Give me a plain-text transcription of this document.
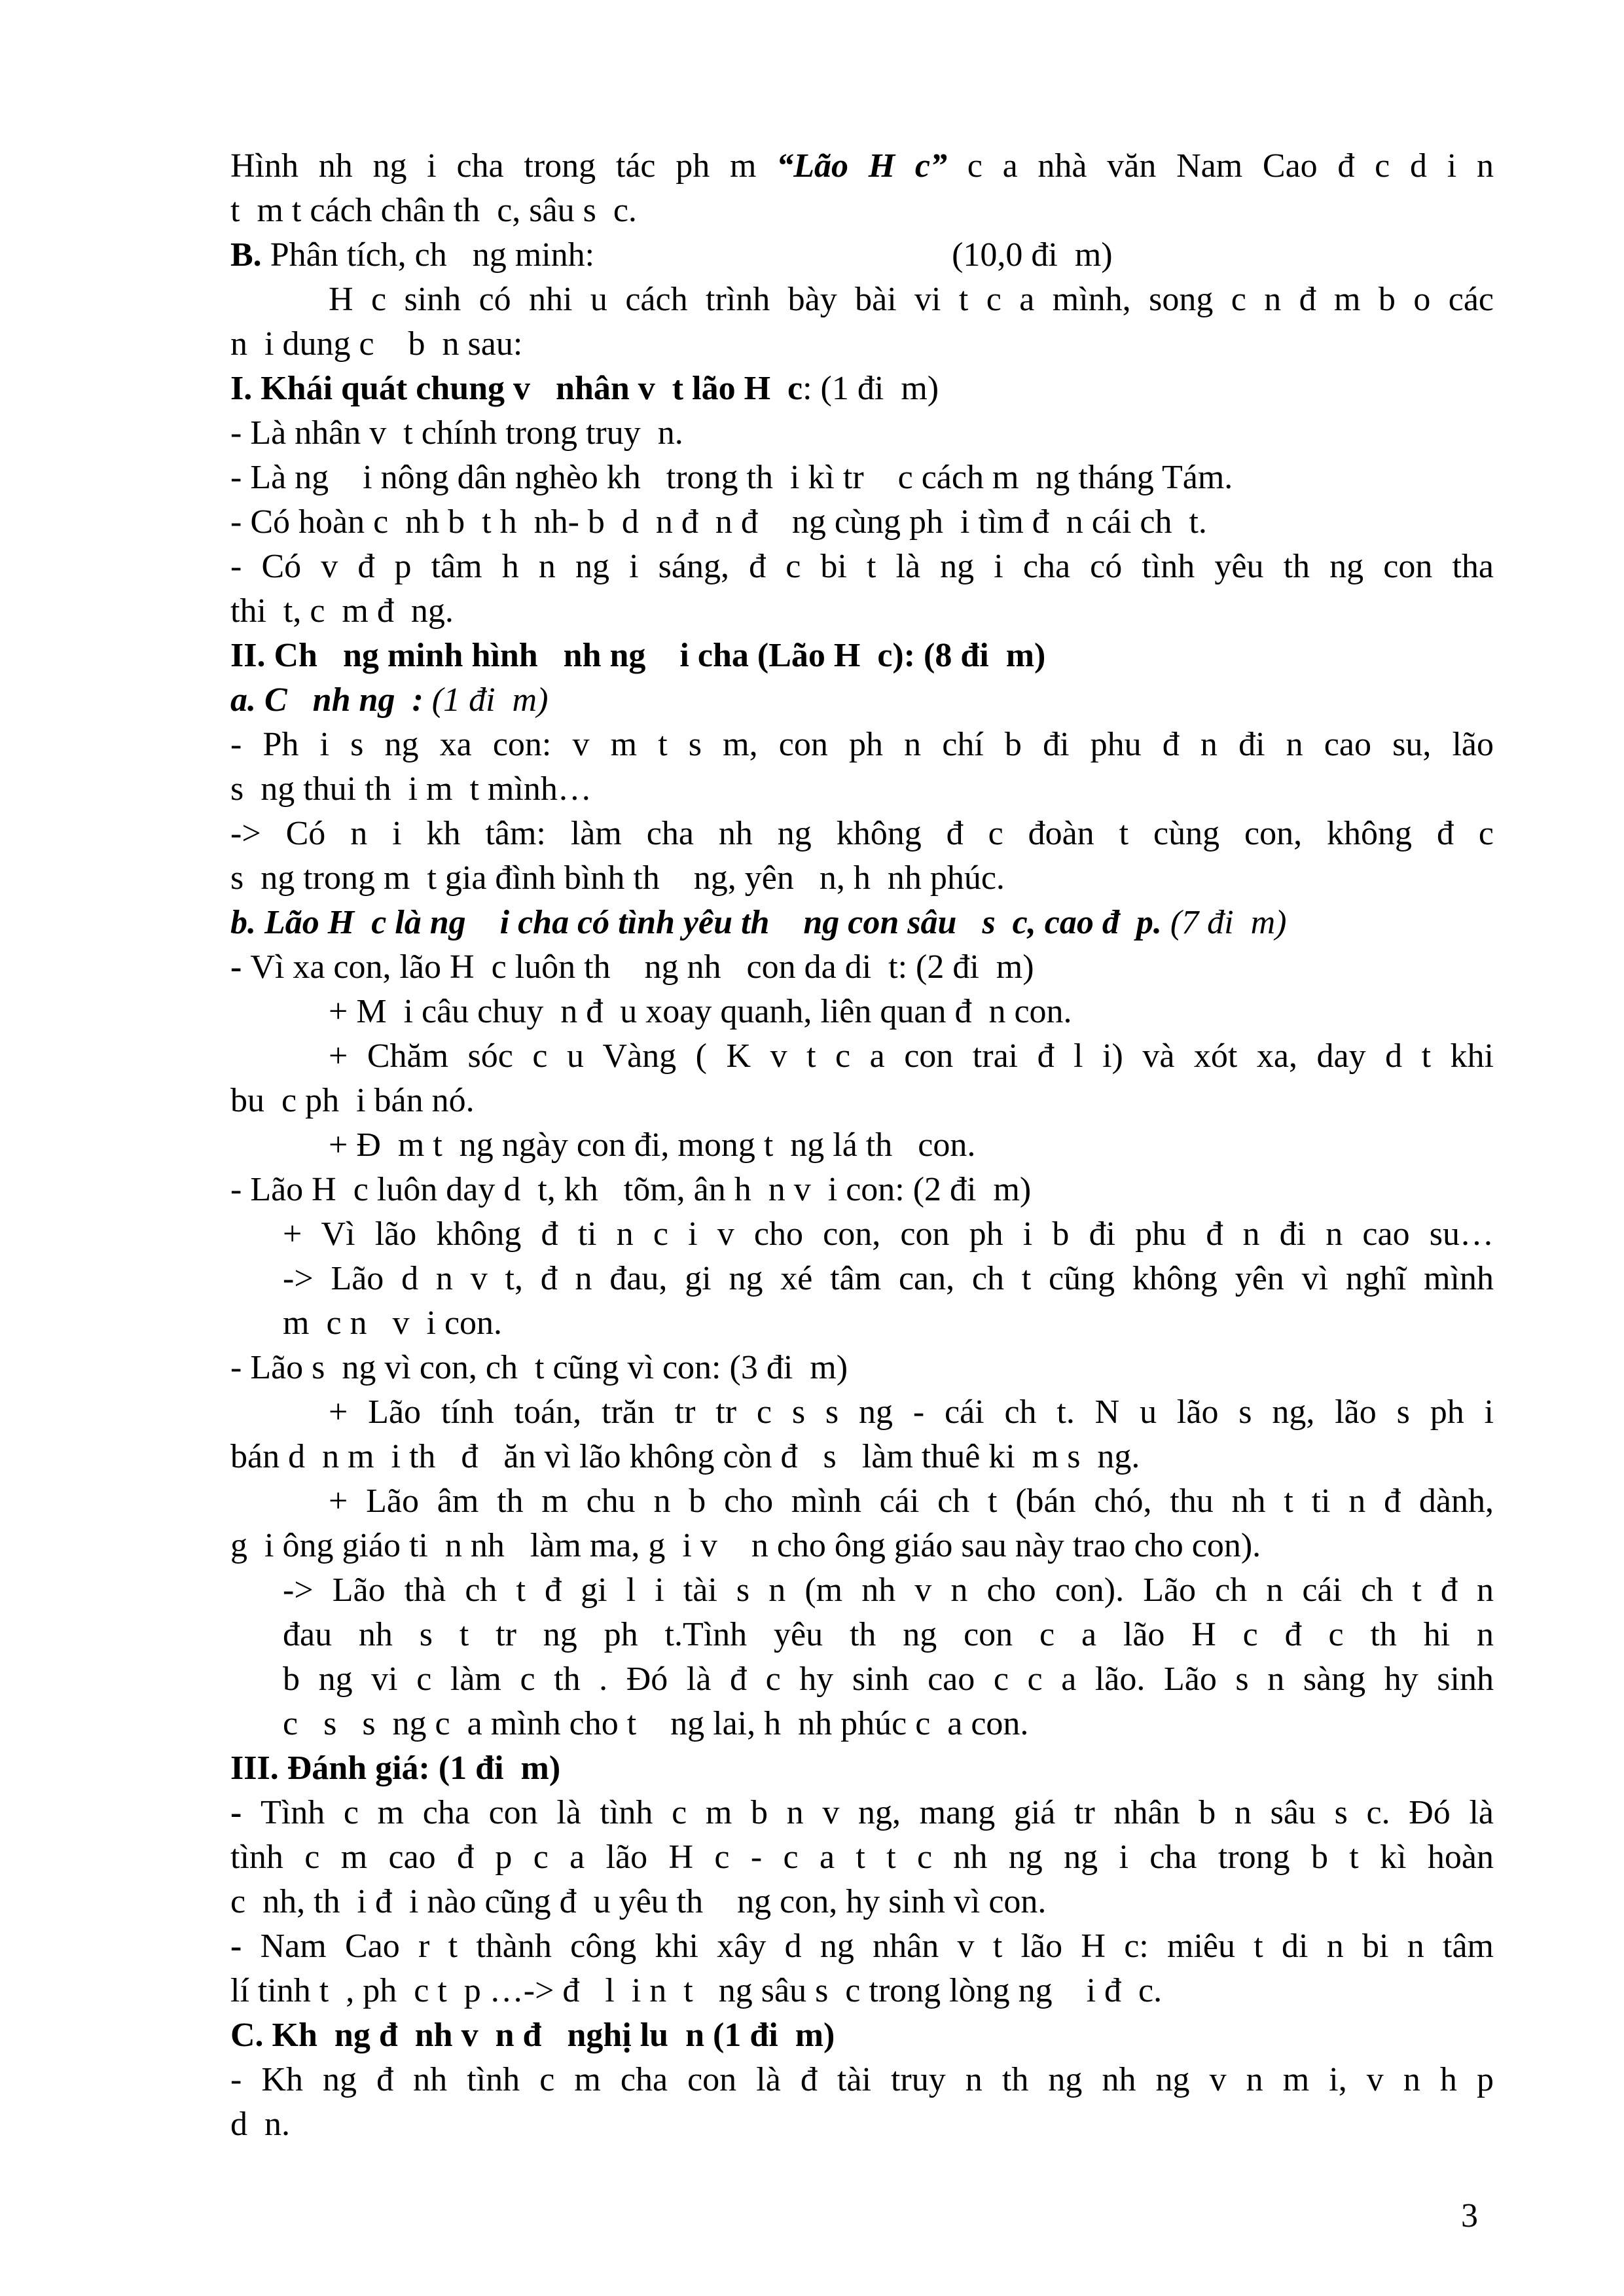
Hình nh ng i cha trong tác ph m “Lão H c” c a nhà văn Nam Cao đ c d i n
t  m t cách chân th  c, sâu s  c.
B. Phân tích, ch   ng minh:                                          (10,0 đi  m)
H c sinh có nhi u cách trình bày bài vi t c a mình, song c n đ m b o các
n  i dung c    b  n sau:
I. Khái quát chung v   nhân v  t lão H  c: (1 đi  m)
- Là nhân v  t chính trong truy  n.
- Là ng    i nông dân nghèo kh   trong th  i kì tr    c cách m  ng tháng Tám.
- Có hoàn c  nh b  t h  nh- b  d  n đ  n đ    ng cùng ph  i tìm đ  n cái ch  t.
- Có v đ p tâm h n ng i sáng, đ c bi t là ng i cha có tình yêu th ng con tha
thi  t, c  m đ  ng.
II. Ch   ng minh hình   nh ng    i cha (Lão H  c): (8 đi  m)
a. C   nh ng  : (1 đi  m)
- Ph i s ng xa con: v m t s m, con ph n chí b đi phu đ n đi n cao su, lão
s  ng thui th  i m  t mình…
-> Có n i kh tâm: làm cha nh ng không đ c đoàn t cùng con, không đ c
s  ng trong m  t gia đình bình th    ng, yên   n, h  nh phúc.
b. Lão H  c là ng    i cha có tình yêu th    ng con sâu   s  c, cao đ  p. (7 đi  m)
- Vì xa con, lão H  c luôn th    ng nh   con da di  t: (2 đi  m)
+ M  i câu chuy  n đ  u xoay quanh, liên quan đ  n con.
+ Chăm sóc c u Vàng ( K v t c a con trai đ l i) và xót xa, day d t khi
bu  c ph  i bán nó.
+ Đ  m t  ng ngày con đi, mong t  ng lá th   con.
- Lão H  c luôn day d  t, kh   tõm, ân h  n v  i con: (2 đi  m)
+ Vì lão không đ ti n c i v cho con, con ph i b đi phu đ n đi n cao su…
-> Lão d n v t, đ n đau, gi ng xé tâm can, ch t cũng không yên vì nghĩ mình
m  c n   v  i con.
- Lão s  ng vì con, ch  t cũng vì con: (3 đi  m)
+ Lão tính toán, trăn tr tr c s s ng - cái ch t. N u lão s ng, lão s ph i
bán d  n m  i th   đ   ăn vì lão không còn đ   s   làm thuê ki  m s  ng.
+ Lão âm th m chu n b cho mình cái ch t (bán chó, thu nh t ti n đ dành,
g  i ông giáo ti  n nh   làm ma, g  i v    n cho ông giáo sau này trao cho con).
-> Lão thà ch t đ gi l i tài s n (m nh v n cho con). Lão ch n cái ch t đ n
đau nh s t tr ng ph t.Tình yêu th ng con c a lão H c đ c th hi n
b ng vi c làm c th . Đó là đ c hy sinh cao c c a lão. Lão s n sàng hy sinh
c   s   s  ng c  a mình cho t    ng lai, h  nh phúc c  a con.
III. Đánh giá: (1 đi  m)
- Tình c m cha con là tình c m b n v ng, mang giá tr nhân b n sâu s c. Đó là
tình c m cao đ p c a lão H c - c a t t c nh ng ng i cha trong b t kì hoàn
c  nh, th  i đ  i nào cũng đ  u yêu th    ng con, hy sinh vì con.
- Nam Cao r t thành công khi xây d ng nhân v t lão H c: miêu t di n bi n tâm
lí tinh t  , ph  c t  p …-> đ   l  i n  t   ng sâu s  c trong lòng ng    i đ  c.
C. Kh  ng đ  nh v  n đ   nghị lu  n (1 đi  m)
- Kh ng đ nh tình c m cha con là đ tài truy n th ng nh ng v n m i, v n h p
d  n.
3
